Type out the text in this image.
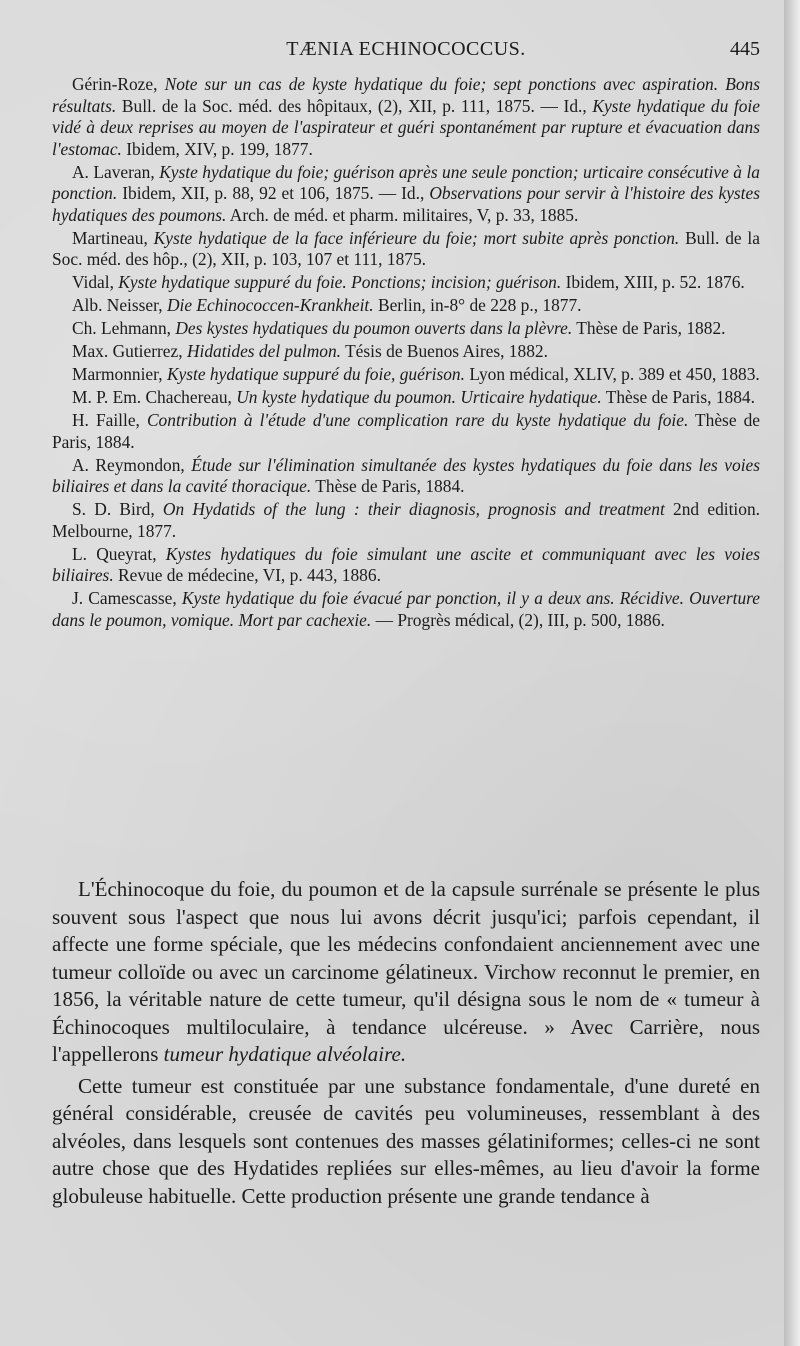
TÆNIA ECHINOCOCCUS.	445

Gérin-Roze, Note sur un cas de kyste hydatique du foie; sept ponctions avec aspiration. Bons résultats. Bull. de la Soc. méd. des hôpitaux, (2), XII, p. 111, 1875. — Id., Kyste hydatique du foie vidé à deux reprises au moyen de l'aspirateur et guéri spontanément par rupture et évacuation dans l'estomac. Ibidem, XIV, p. 199, 1877.

A. Laveran, Kyste hydatique du foie; guérison après une seule ponction; urticaire consécutive à la ponction. Ibidem, XII, p. 88, 92 et 106, 1875. — Id., Observations pour servir à l'histoire des kystes hydatiques des poumons. Arch. de méd. et pharm. militaires, V, p. 33, 1885.

Martineau, Kyste hydatique de la face inférieure du foie; mort subite après ponction. Bull. de la Soc. méd. des hôp., (2), XII, p. 103, 107 et 111, 1875.

Vidal, Kyste hydatique suppuré du foie. Ponctions; incision; guérison. Ibidem, XIII, p. 52. 1876.

Alb. Neisser, Die Echinococcen-Krankheit. Berlin, in-8° de 228 p., 1877.

Ch. Lehmann, Des kystes hydatiques du poumon ouverts dans la plèvre. Thèse de Paris, 1882.

Max. Gutierrez, Hidatides del pulmon. Tésis de Buenos Aires, 1882.

Marmonnier, Kyste hydatique suppuré du foie, guérison. Lyon médical, XLIV, p. 389 et 450, 1883.

M. P. Em. Chachereau, Un kyste hydatique du poumon. Urticaire hydatique. Thèse de Paris, 1884.

H. Faille, Contribution à l'étude d'une complication rare du kyste hydatique du foie. Thèse de Paris, 1884.

A. Reymondon, Étude sur l'élimination simultanée des kystes hydatiques du foie dans les voies biliaires et dans la cavité thoracique. Thèse de Paris, 1884.

S. D. Bird, On Hydatids of the lung : their diagnosis, prognosis and treatment 2nd edition. Melbourne, 1877.

L. Queyrat, Kystes hydatiques du foie simulant une ascite et communiquant avec les voies biliaires. Revue de médecine, VI, p. 443, 1886.

J. Camescasse, Kyste hydatique du foie évacué par ponction, il y a deux ans. Récidive. Ouverture dans le poumon, vomique. Mort par cachexie. — Progrès médical, (2), III, p. 500, 1886.

L'Échinocoque du foie, du poumon et de la capsule surrénale se présente le plus souvent sous l'aspect que nous lui avons décrit jusqu'ici; parfois cependant, il affecte une forme spéciale, que les médecins confondaient anciennement avec une tumeur colloïde ou avec un carcinome gélatineux. Virchow reconnut le premier, en 1856, la véritable nature de cette tumeur, qu'il désigna sous le nom de « tumeur à Échinocoques multiloculaire, à tendance ulcéreuse. » Avec Carrière, nous l'appellerons tumeur hydatique alvéolaire.

Cette tumeur est constituée par une substance fondamentale, d'une dureté en général considérable, creusée de cavités peu volumineuses, ressemblant à des alvéoles, dans lesquels sont contenues des masses gélatiniformes; celles-ci ne sont autre chose que des Hydatides repliées sur elles-mêmes, au lieu d'avoir la forme globuleuse habituelle. Cette production présente une grande tendance à
